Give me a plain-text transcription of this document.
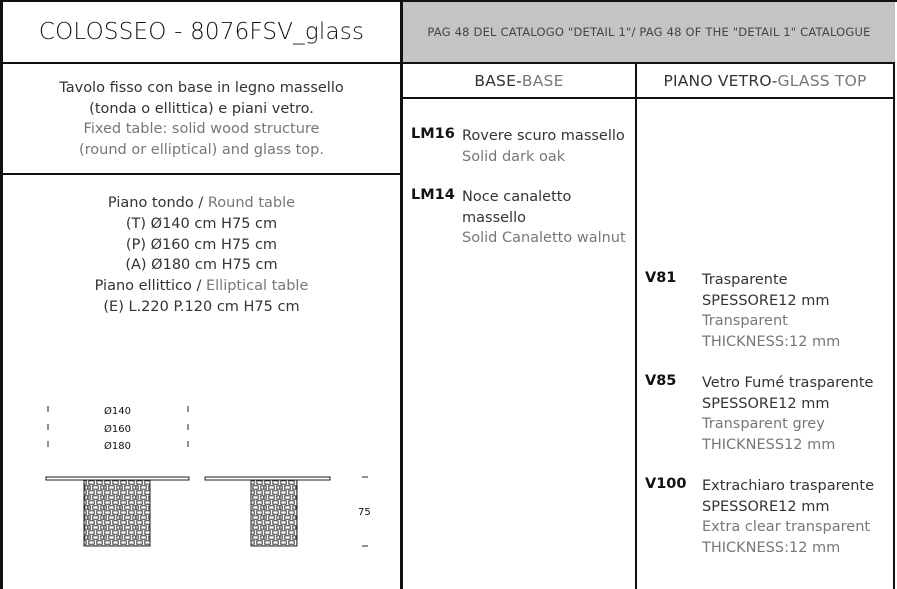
COLOSSEO - 8076FSV_glass	PAG 48 DEL CATALOGO "DETAIL 1"/ PAG 48 OF THE "DETAIL 1" CATALOGUE
Tavolo fisso con base in legno massello
(tonda o ellittica) e piani vetro.
Fixed table: solid wood structure
(round or elliptical) and glass top.
Piano tondo / Round table
(T) Ø140 cm H75 cm
(P) Ø160 cm H75 cm
(A) Ø180 cm H75 cm
Piano ellittico / Elliptical table
(E) L.220 P.120 cm H75 cm
Ø140
Ø160
Ø180
75
BASE - BASE
LM16 Rovere scuro massello
Solid dark oak
LM14 Noce canaletto
massello
Solid Canaletto walnut
PIANO VETRO - GLASS TOP
V81 Trasparente
SPESSORE12 mm
Transparent
THICKNESS:12 mm
V85 Vetro Fumé trasparente
SPESSORE12 mm
Transparent grey
THICKNESS12 mm
V100 Extrachiaro trasparente
SPESSORE12 mm
Extra clear transparent
THICKNESS:12 mm
